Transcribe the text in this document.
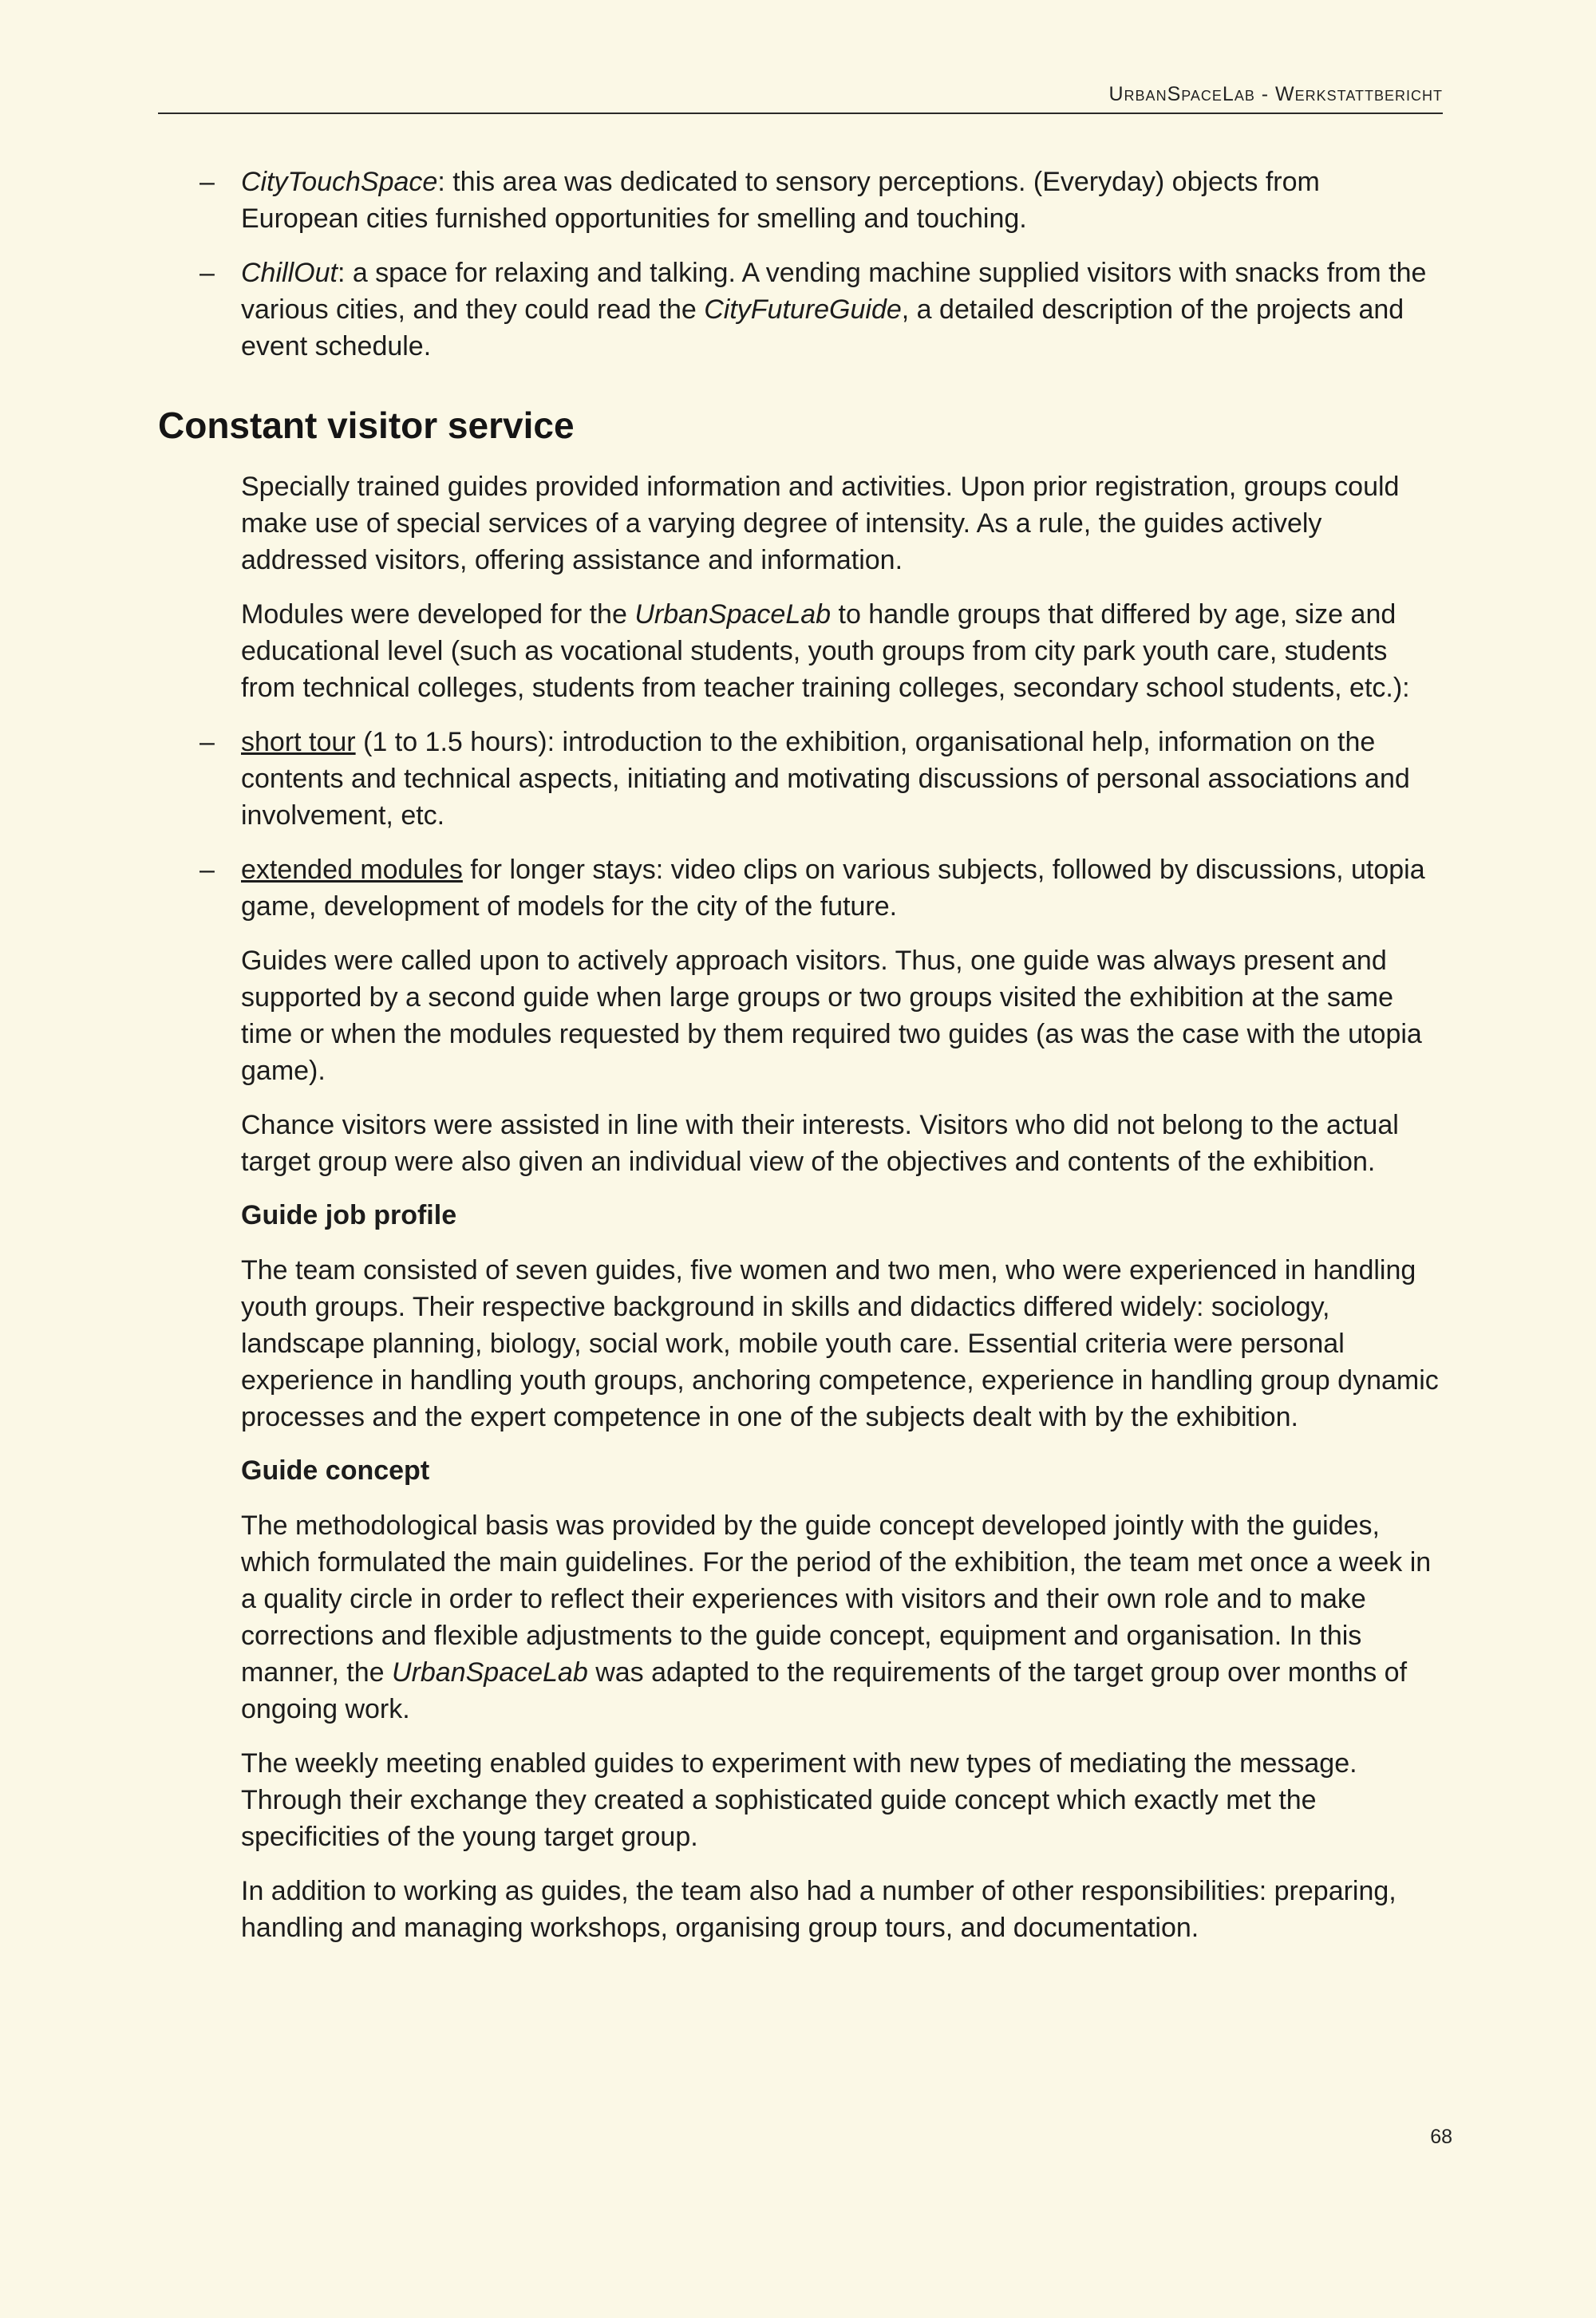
UrbanSpaceLab - Werkstattbericht

– CityTouchSpace: this area was dedicated to sensory perceptions. (Everyday) objects from European cities furnished opportunities for smelling and touching.

– ChillOut: a space for relaxing and talking. A vending machine supplied visitors with snacks from the various cities, and they could read the CityFutureGuide, a detailed description of the projects and event schedule.

Constant visitor service

Specially trained guides provided information and activities. Upon prior registration, groups could make use of special services of a varying degree of intensity. As a rule, the guides actively addressed visitors, offering assistance and information.

Modules were developed for the UrbanSpaceLab to handle groups that differed by age, size and educational level (such as vocational students, youth groups from city park youth care, students from technical colleges, students from teacher training colleges, secondary school students, etc.):

– short tour (1 to 1.5 hours): introduction to the exhibition, organisational help, information on the contents and technical aspects, initiating and motivating discussions of personal associations and involvement, etc.

– extended modules for longer stays: video clips on various subjects, followed by discussions, utopia game, development of models for the city of the future.

Guides were called upon to actively approach visitors. Thus, one guide was always present and supported by a second guide when large groups or two groups visited the exhibition at the same time or when the modules requested by them required two guides (as was the case with the utopia game).

Chance visitors were assisted in line with their interests. Visitors who did not belong to the actual target group were also given an individual view of the objectives and contents of the exhibition.

Guide job profile

The team consisted of seven guides, five women and two men, who were experienced in handling youth groups. Their respective background in skills and didactics differed widely: sociology, landscape planning, biology, social work, mobile youth care. Essential criteria were personal experience in handling youth groups, anchoring competence, experience in handling group dynamic processes and the expert competence in one of the subjects dealt with by the exhibition.

Guide concept

The methodological basis was provided by the guide concept developed jointly with the guides, which formulated the main guidelines. For the period of the exhibition, the team met once a week in a quality circle in order to reflect their experiences with visitors and their own role and to make corrections and flexible adjustments to the guide concept, equipment and organisation. In this manner, the UrbanSpaceLab was adapted to the requirements of the target group over months of ongoing work.

The weekly meeting enabled guides to experiment with new types of mediating the message. Through their exchange they created a sophisticated guide concept which exactly met the specificities of the young target group.

In addition to working as guides, the team also had a number of other responsibilities: preparing, handling and managing workshops, organising group tours, and documentation.

68
